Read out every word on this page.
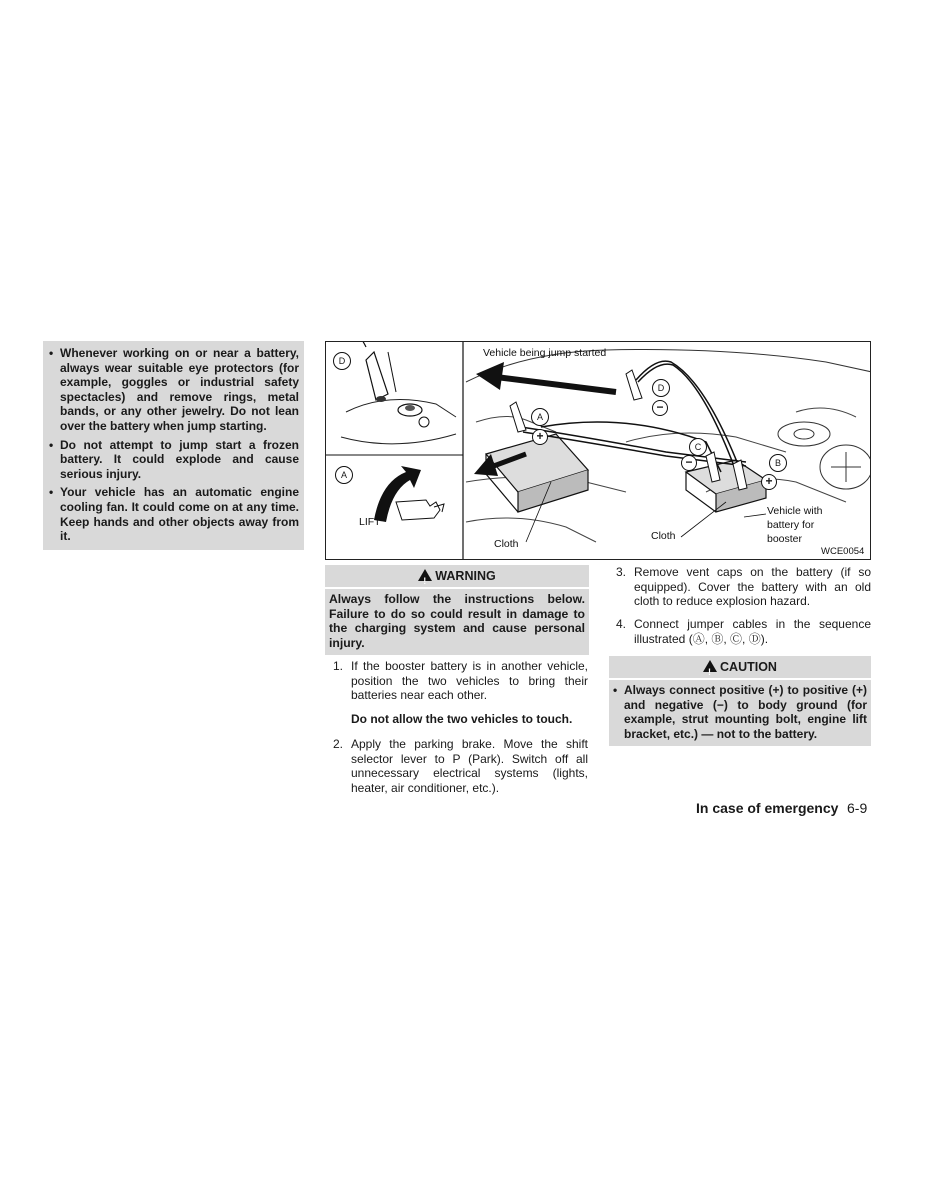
• Whenever working on or near a battery, always wear suitable eye protectors (for example, goggles or industrial safety spectacles) and remove rings, metal bands, or any other jewelry. Do not lean over the battery when jump starting.
• Do not attempt to jump start a frozen battery. It could explode and cause serious injury.
• Your vehicle has an automatic engine cooling fan. It could come on at any time. Keep hands and other objects away from it.
D
A
LIFT
Vehicle being jump started
A
+
D
−
C
−	B
+
Cloth
Cloth
Vehicle with
battery for
booster
WCE0054
!WARNING
Always follow the instructions below. Failure to do so could result in damage to the charging system and cause personal injury.
1. If the booster battery is in another vehicle, position the two vehicles to bring their batteries near each other.
Do not allow the two vehicles to touch.
2. Apply the parking brake. Move the shift selector lever to P (Park). Switch off all unnecessary electrical systems (lights, heater, air conditioner, etc.).
3. Remove vent caps on the battery (if so equipped). Cover the battery with an old cloth to reduce explosion hazard.
4. Connect jumper cables in the sequence illustrated (Ⓐ, Ⓑ, Ⓒ, Ⓓ).
!CAUTION
• Always connect positive (+) to positive (+) and negative (−) to body ground (for example, strut mounting bolt, engine lift bracket, etc.) — not to the battery.
In case of emergency 6-9
